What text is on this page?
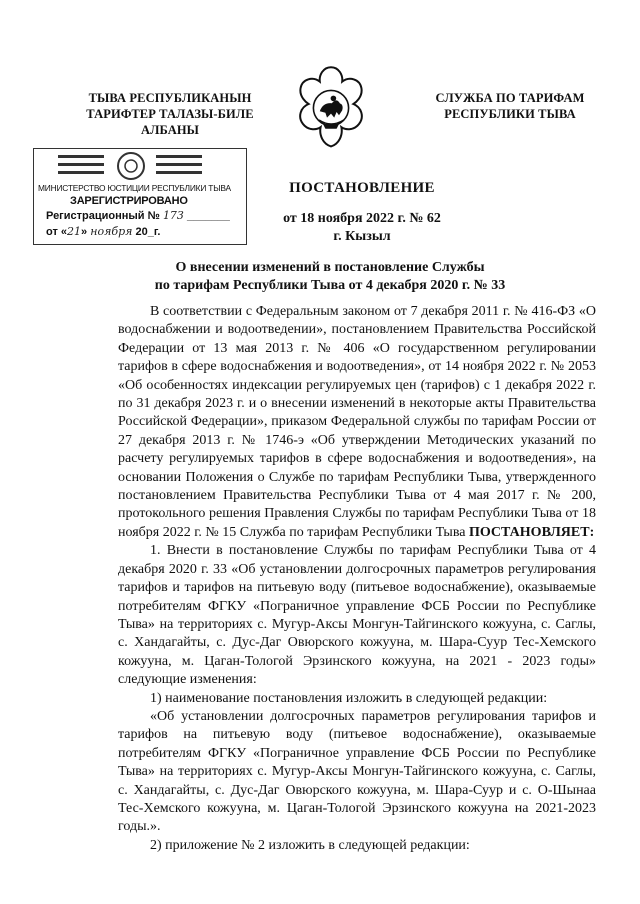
ТЫВА РЕСПУБЛИКАНЫН
ТАРИФТЕР ТАЛАЗЫ-БИЛЕ
АЛБАНЫ
СЛУЖБА ПО ТАРИФАМ
РЕСПУБЛИКИ ТЫВА
МИНИСТЕРСТВО ЮСТИЦИИ РЕСПУБЛИКИ ТЫВА
ЗАРЕГИСТРИРОВАНО
Регистрационный № 173 _______
от «21» ноября 20_г.
ПОСТАНОВЛЕНИЕ
от 18 ноября 2022 г. № 62
г. Кызыл
О внесении изменений в постановление Службы
по тарифам Республики Тыва от 4 декабря 2020 г. № 33

В соответствии с Федеральным законом от 7 декабря 2011 г. № 416-ФЗ «О водоснабжении и водоотведении», постановлением Правительства Российской Федерации от 13 мая 2013 г. № 406 «О государственном регулировании тарифов в сфере водоснабжения и водоотведения», от 14 ноября 2022 г. № 2053 «Об особенностях индексации регулируемых цен (тарифов) с 1 декабря 2022 г. по 31 декабря 2023 г. и о внесении изменений в некоторые акты Правительства Российской Федерации», приказом Федеральной службы по тарифам России от 27 декабря 2013 г. № 1746-э «Об утверждении Методических указаний по расчету регулируемых тарифов в сфере водоснабжения и водоотведения», на основании Положения о Службе по тарифам Республики Тыва, утвержденного постановлением Правительства Республики Тыва от 4 мая 2017 г. № 200, протокольного решения Правления Службы по тарифам Республики Тыва от 18 ноября 2022 г. № 15 Служба по тарифам Республики Тыва ПОСТАНОВЛЯЕТ:

1. Внести в постановление Службы по тарифам Республики Тыва от 4 декабря 2020 г. 33 «Об установлении долгосрочных параметров регулирования тарифов и тарифов на питьевую воду (питьевое водоснабжение), оказываемые потребителям ФГКУ «Пограничное управление ФСБ России по Республике Тыва» на территориях с. Мугур-Аксы Монгун-Тайгинского кожууна, с. Саглы, с. Хандагайты, с. Дус-Даг Овюрского кожууна, м. Шара-Суур Тес-Хемского кожууна, м. Цаган-Тологой Эрзинского кожууна, на 2021 - 2023 годы» следующие изменения:

1) наименование постановления изложить в следующей редакции:

«Об установлении долгосрочных параметров регулирования тарифов и тарифов на питьевую воду (питьевое водоснабжение), оказываемые потребителям ФГКУ «Пограничное управление ФСБ России по Республике Тыва» на территориях с. Мугур-Аксы Монгун-Тайгинского кожууна, с. Саглы, с. Хандагайты, с. Дус-Даг Овюрского кожууна, м. Шара-Суур и с. О-Шынаа Тес-Хемского кожууна, м. Цаган-Тологой Эрзинского кожууна на 2021-2023 годы.».

2) приложение № 2 изложить в следующей редакции:
